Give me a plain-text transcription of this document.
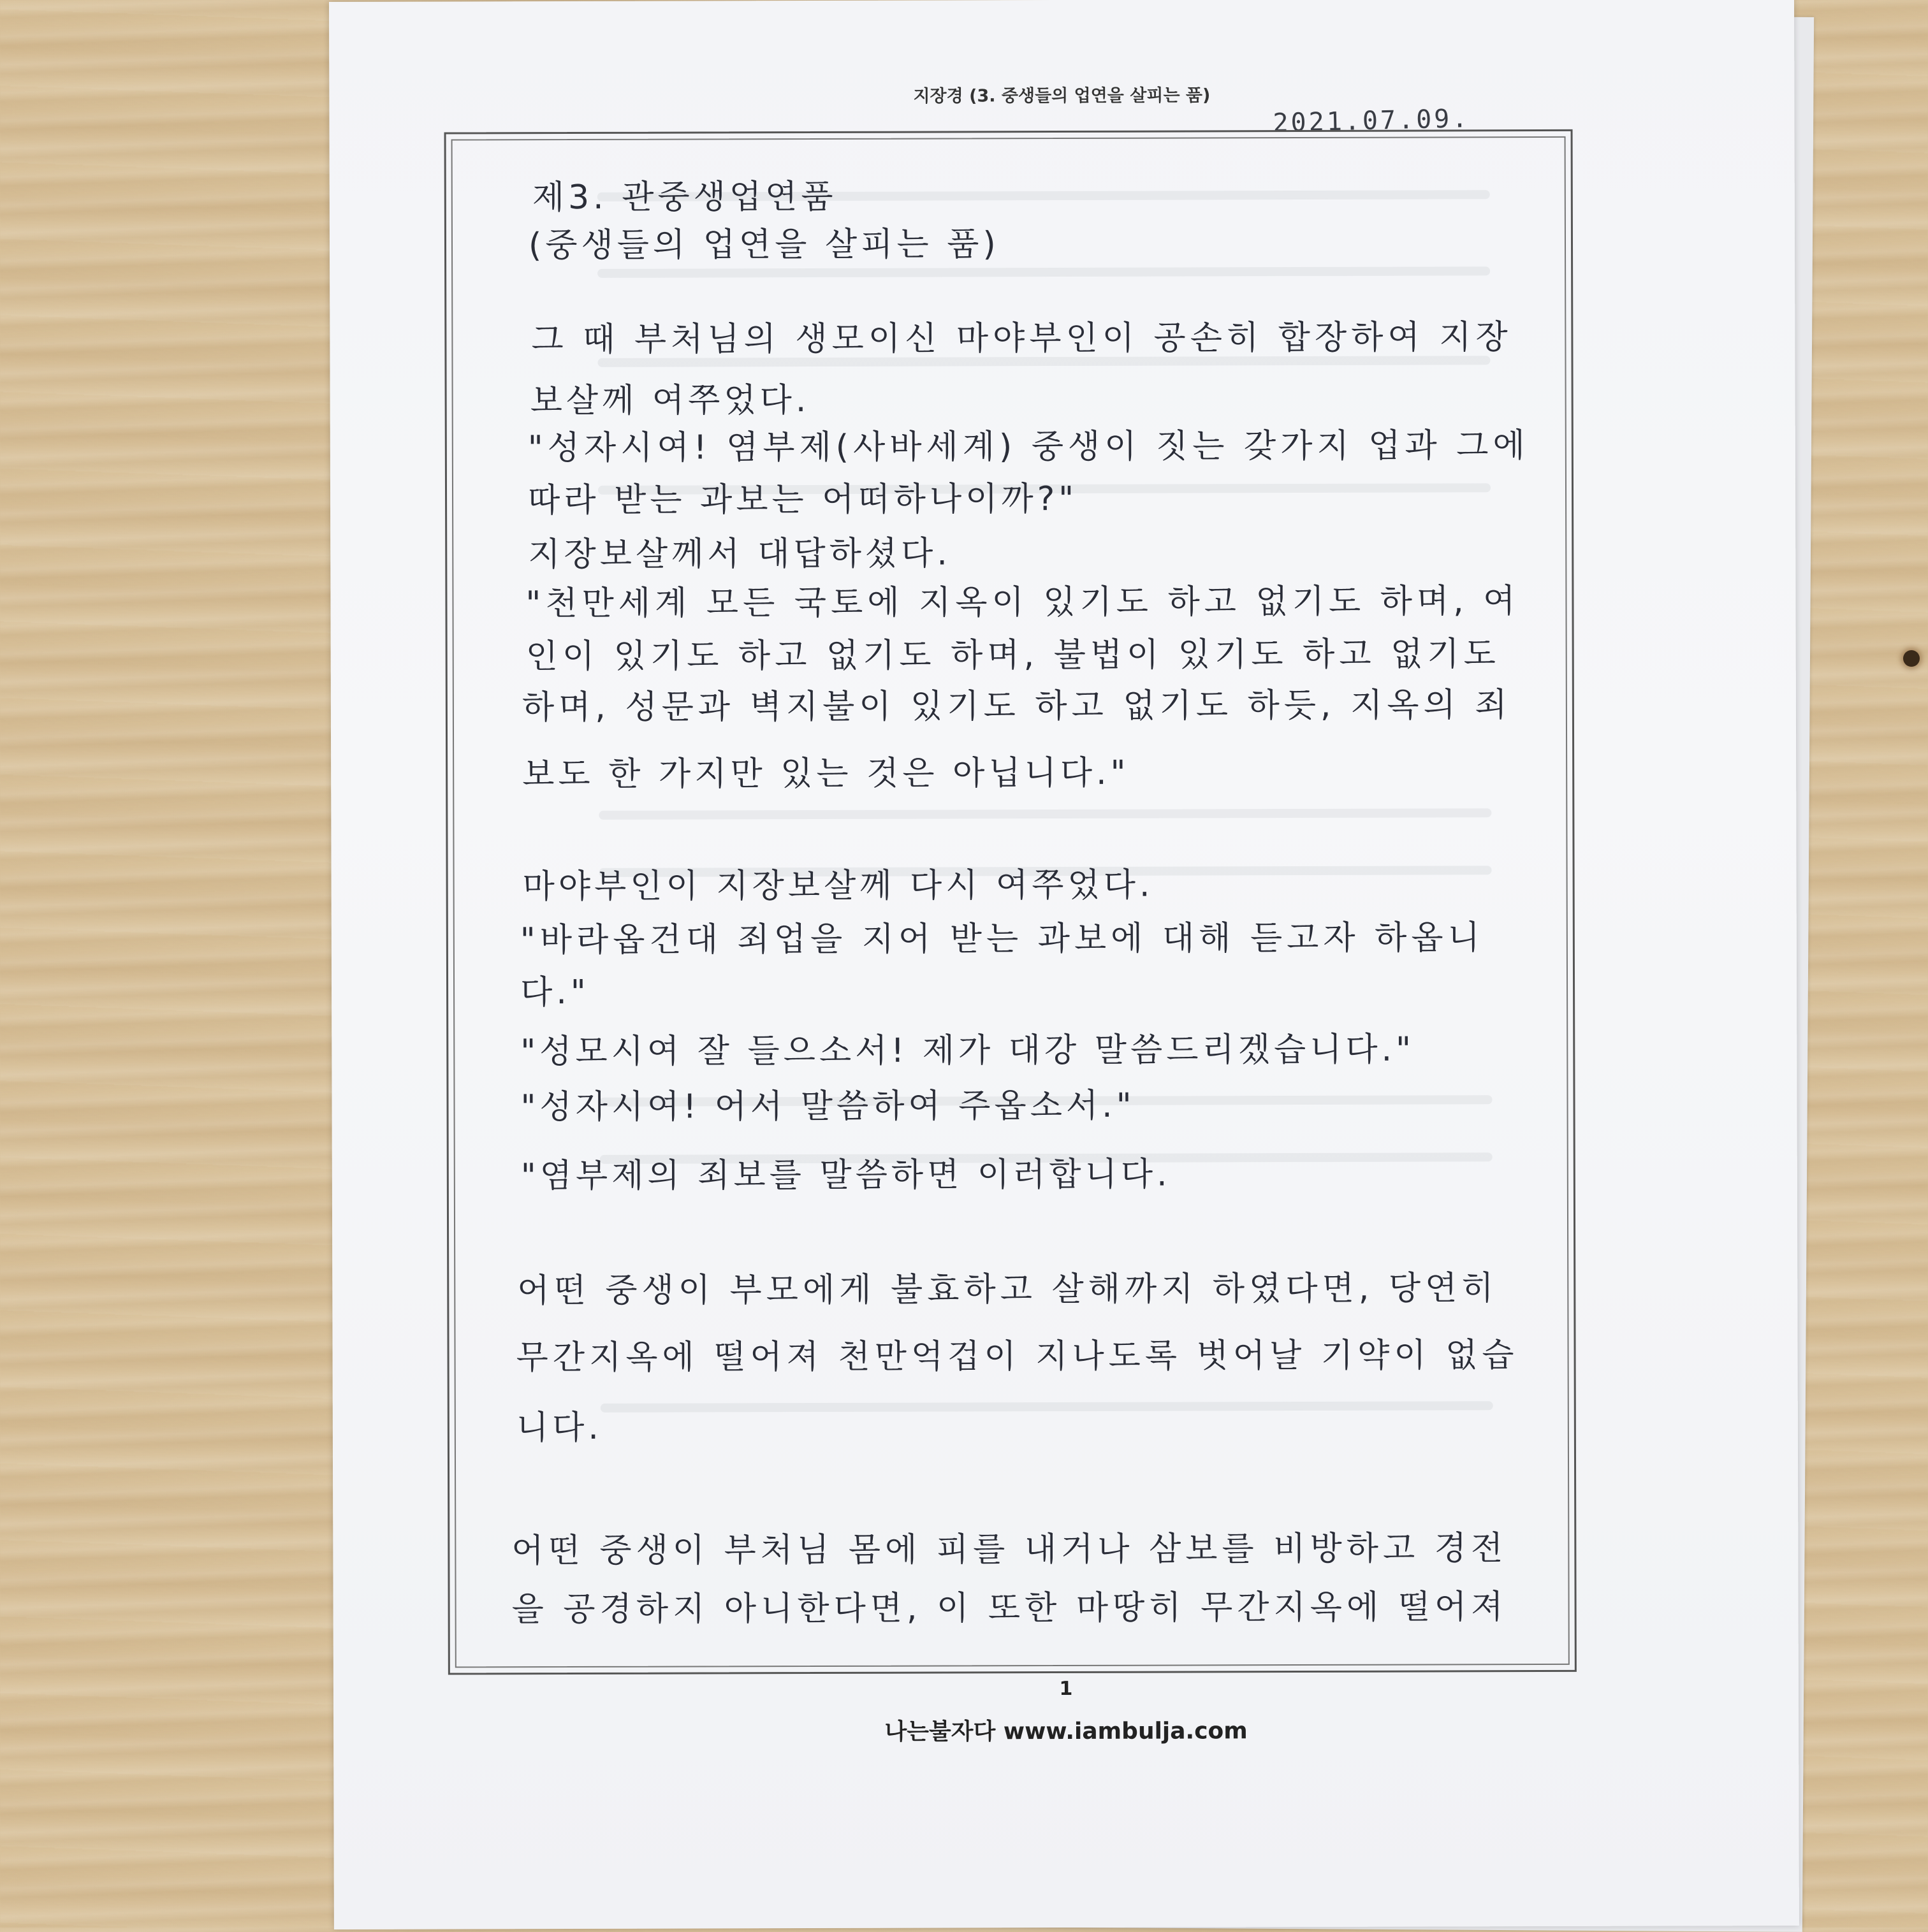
지장경 (3. 중생들의 업연을 살피는 품)
2021.07.09.
제3. 관중생업연품
(중생들의 업연을 살피는 품)
그 때 부처님의 생모이신 마야부인이 공손히 합장하여 지장
보살께 여쭈었다.
"성자시여! 염부제(사바세계) 중생이 짓는 갖가지 업과 그에
따라 받는 과보는 어떠하나이까?"
지장보살께서 대답하셨다.
"천만세계 모든 국토에 지옥이 있기도 하고 없기도 하며, 여
인이 있기도 하고 없기도 하며, 불법이 있기도 하고 없기도
하며, 성문과 벽지불이 있기도 하고 없기도 하듯, 지옥의 죄
보도 한 가지만 있는 것은 아닙니다."
마야부인이 지장보살께 다시 여쭈었다.
"바라옵건대 죄업을 지어 받는 과보에 대해 듣고자 하옵니
다."
"성모시여 잘 들으소서! 제가 대강 말씀드리겠습니다."
"성자시여! 어서 말씀하여 주옵소서."
"염부제의 죄보를 말씀하면 이러합니다.
어떤 중생이 부모에게 불효하고 살해까지 하였다면, 당연히
무간지옥에 떨어져 천만억겁이 지나도록 벗어날 기약이 없습
니다.
어떤 중생이 부처님 몸에 피를 내거나 삼보를 비방하고 경전
을 공경하지 아니한다면, 이 또한 마땅히 무간지옥에 떨어져
1
나는불자다 www.iambulja.com
